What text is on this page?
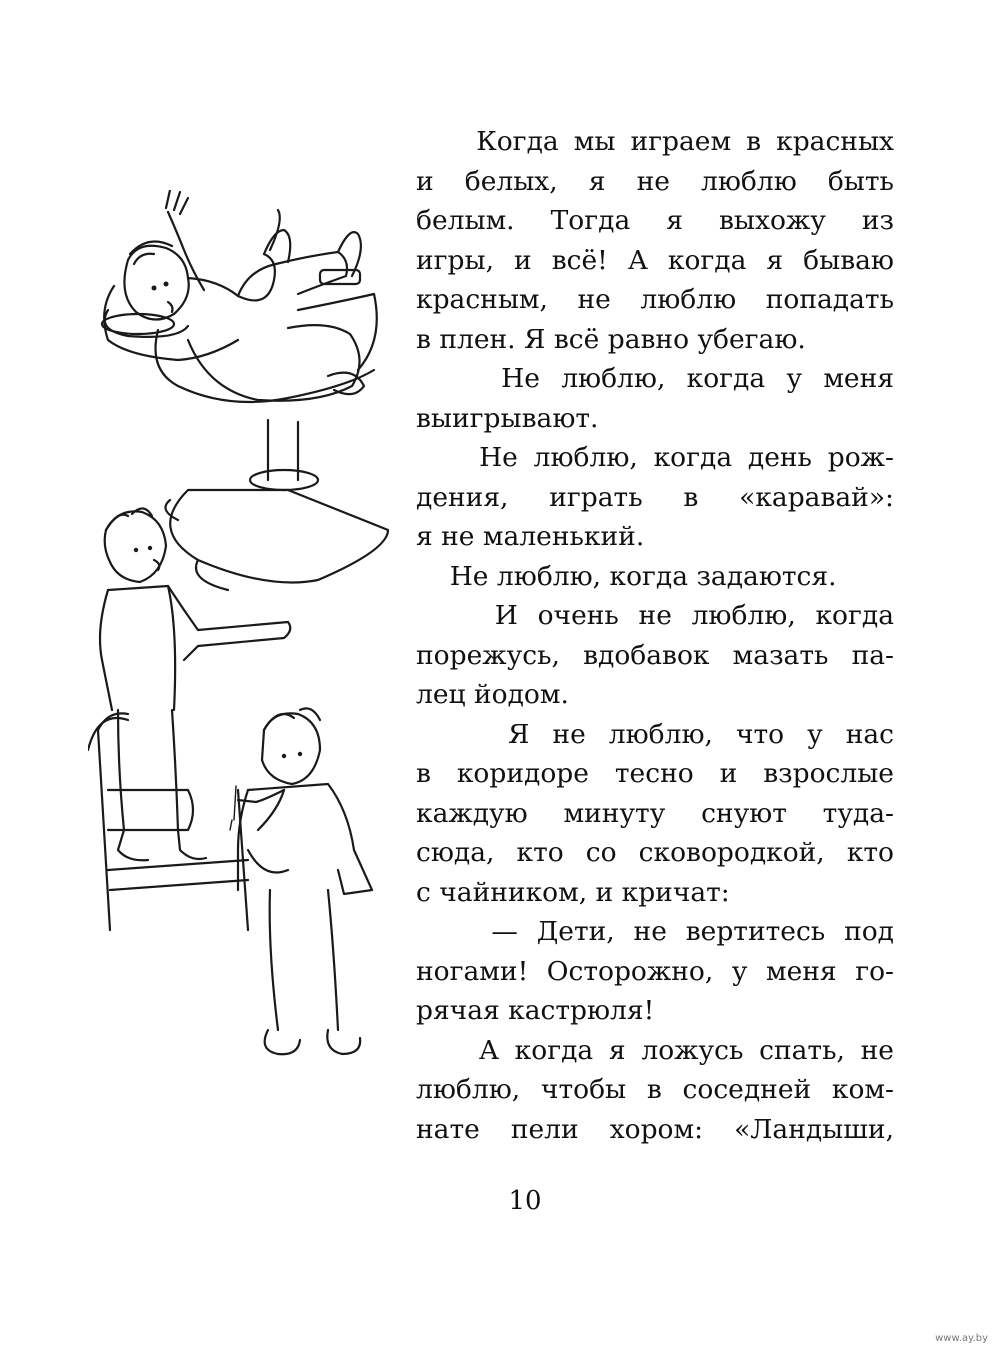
Когда мы играем в красных
и белых, я не люблю быть
белым. Тогда я выхожу из
игры, и всё! А когда я бываю
красным, не люблю попадать
в плен. Я всё равно убегаю.

Не люблю, когда у меня
выигрывают.

Не люблю, когда день рож-
дения, играть в «каравай»:
я не маленький.

Не люблю, когда задаются.

И очень не люблю, когда
порежусь, вдобавок мазать па-
лец йодом.

Я не люблю, что у нас
в коридоре тесно и взрослые
каждую минуту снуют туда-
сюда, кто со сковородкой, кто
с чайником, и кричат:

— Дети, не вертитесь под
ногами! Осторожно, у меня го-
рячая кастрюля!

А когда я ложусь спать, не
люблю, чтобы в соседней ком-
нате пели хором: «Ландыши,

10
www.ay.by
